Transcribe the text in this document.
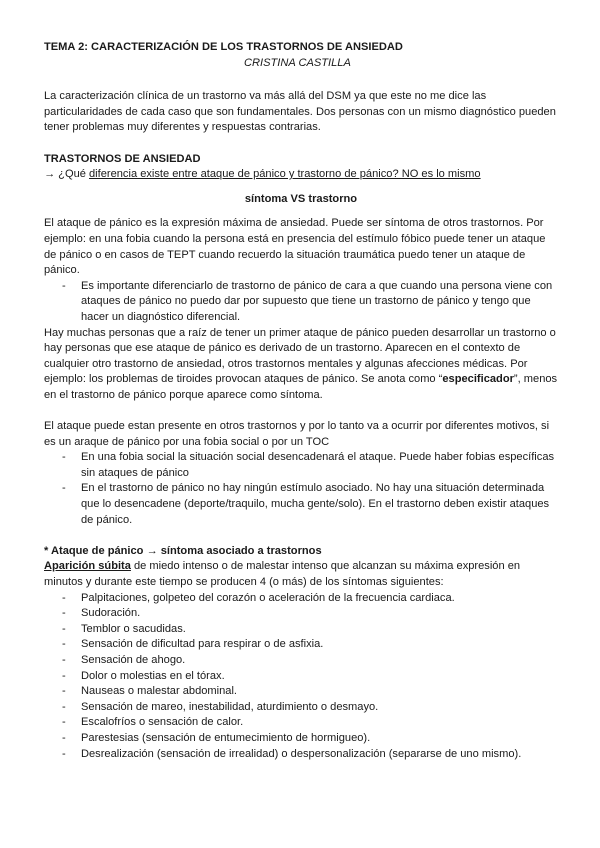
TEMA 2: CARACTERIZACIÓN DE LOS TRASTORNOS DE ANSIEDAD

CRISTINA CASTILLA

La caracterización clínica de un trastorno va más allá del DSM ya que este no me dice las particularidades de cada caso que son fundamentales. Dos personas con un mismo diagnóstico pueden tener problemas muy diferentes y respuestas contrarias.

TRASTORNOS DE ANSIEDAD

→ ¿Qué diferencia existe entre ataque de pánico y trastorno de pánico? NO es lo mismo

síntoma VS trastorno

El ataque de pánico es la expresión máxima de ansiedad. Puede ser síntoma de otros trastornos. Por ejemplo: en una fobia cuando la persona está en presencia del estímulo fóbico puede tener un ataque de pánico o en casos de TEPT cuando recuerdo la situación traumática puedo tener un ataque de pánico.

- Es importante diferenciarlo de trastorno de pánico de cara a que cuando una persona viene con ataques de pánico no puedo dar por supuesto que tiene un trastorno de pánico y tengo que hacer un diagnóstico diferencial.

Hay muchas personas que a raíz de tener un primer ataque de pánico pueden desarrollar un trastorno o hay personas que ese ataque de pánico es derivado de un trastorno. Aparecen en el contexto de cualquier otro trastorno de ansiedad, otros trastornos mentales y algunas afecciones médicas. Por ejemplo: los problemas de tiroides provocan ataques de pánico. Se anota como “especificador”, menos en el trastorno de pánico porque aparece como síntoma.

El ataque puede estan presente en otros trastornos y por lo tanto va a ocurrir por diferentes motivos, si es un araque de pánico por una fobia social o por un TOC

- En una fobia social la situación social desencadenará el ataque. Puede haber fobias específicas sin ataques de pánico
- En el trastorno de pánico no hay ningún estímulo asociado. No hay una situación determinada que lo desencadene (deporte/traquilo, mucha gente/solo). En el trastorno deben existir ataques de pánico.

* Ataque de pánico → síntoma asociado a trastornos

Aparición súbita de miedo intenso o de malestar intenso que alcanzan su máxima expresión en minutos y durante este tiempo se producen 4 (o más) de los síntomas siguientes:

- Palpitaciones, golpeteo del corazón o aceleración de la frecuencia cardiaca.
- Sudoración.
- Temblor o sacudidas.
- Sensación de dificultad para respirar o de asfixia.
- Sensación de ahogo.
- Dolor o molestias en el tórax.
- Nauseas o malestar abdominal.
- Sensación de mareo, inestabilidad, aturdimiento o desmayo.
- Escalofríos o sensación de calor.
- Parestesias (sensación de entumecimiento de hormigueo).
- Desrealización (sensación de irrealidad) o despersonalización (separarse de uno mismo).
